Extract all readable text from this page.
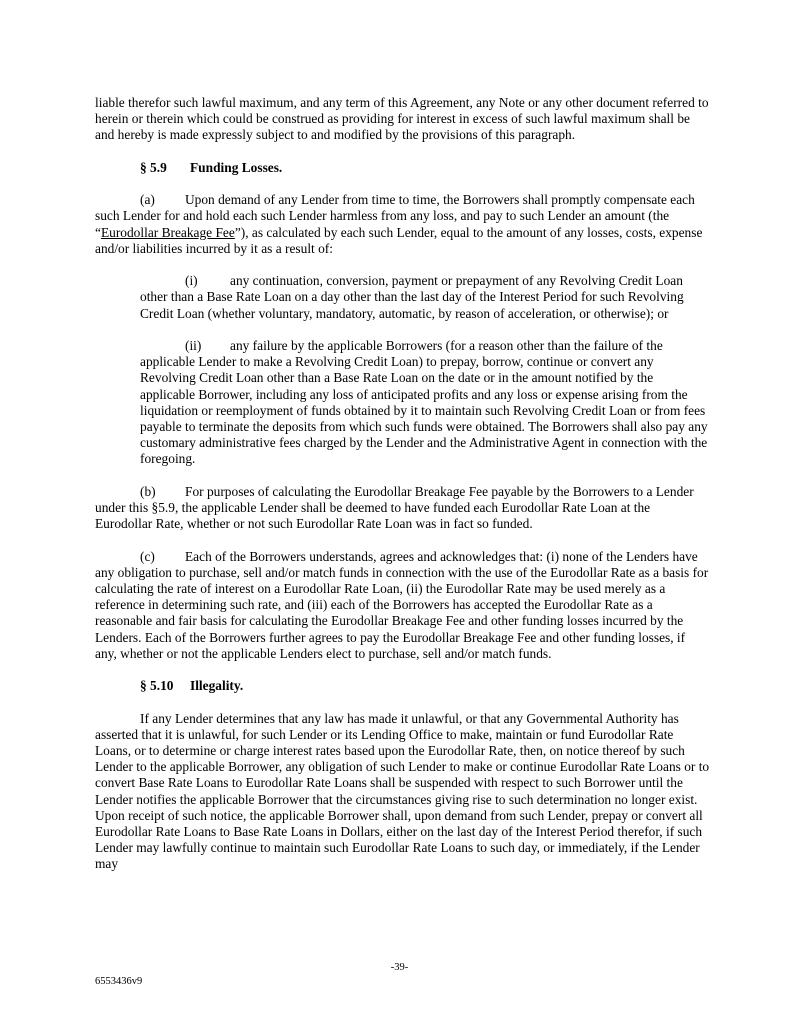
liable therefor such lawful maximum, and any term of this Agreement, any Note or any other document referred to herein or therein which could be construed as providing for interest in excess of such lawful maximum shall be and hereby is made expressly subject to and modified by the provisions of this paragraph.

§ 5.9 Funding Losses.

(a) Upon demand of any Lender from time to time, the Borrowers shall promptly compensate each such Lender for and hold each such Lender harmless from any loss, and pay to such Lender an amount (the “Eurodollar Breakage Fee”), as calculated by each such Lender, equal to the amount of any losses, costs, expense and/or liabilities incurred by it as a result of:

(i) any continuation, conversion, payment or prepayment of any Revolving Credit Loan other than a Base Rate Loan on a day other than the last day of the Interest Period for such Revolving Credit Loan (whether voluntary, mandatory, automatic, by reason of acceleration, or otherwise); or

(ii) any failure by the applicable Borrowers (for a reason other than the failure of the applicable Lender to make a Revolving Credit Loan) to prepay, borrow, continue or convert any Revolving Credit Loan other than a Base Rate Loan on the date or in the amount notified by the applicable Borrower, including any loss of anticipated profits and any loss or expense arising from the liquidation or reemployment of funds obtained by it to maintain such Revolving Credit Loan or from fees payable to terminate the deposits from which such funds were obtained. The Borrowers shall also pay any customary administrative fees charged by the Lender and the Administrative Agent in connection with the foregoing.

(b) For purposes of calculating the Eurodollar Breakage Fee payable by the Borrowers to a Lender under this §5.9, the applicable Lender shall be deemed to have funded each Eurodollar Rate Loan at the Eurodollar Rate, whether or not such Eurodollar Rate Loan was in fact so funded.

(c) Each of the Borrowers understands, agrees and acknowledges that: (i) none of the Lenders have any obligation to purchase, sell and/or match funds in connection with the use of the Eurodollar Rate as a basis for calculating the rate of interest on a Eurodollar Rate Loan, (ii) the Eurodollar Rate may be used merely as a reference in determining such rate, and (iii) each of the Borrowers has accepted the Eurodollar Rate as a reasonable and fair basis for calculating the Eurodollar Breakage Fee and other funding losses incurred by the Lenders. Each of the Borrowers further agrees to pay the Eurodollar Breakage Fee and other funding losses, if any, whether or not the applicable Lenders elect to purchase, sell and/or match funds.

§ 5.10 Illegality.

If any Lender determines that any law has made it unlawful, or that any Governmental Authority has asserted that it is unlawful, for such Lender or its Lending Office to make, maintain or fund Eurodollar Rate Loans, or to determine or charge interest rates based upon the Eurodollar Rate, then, on notice thereof by such Lender to the applicable Borrower, any obligation of such Lender to make or continue Eurodollar Rate Loans or to convert Base Rate Loans to Eurodollar Rate Loans shall be suspended with respect to such Borrower until the Lender notifies the applicable Borrower that the circumstances giving rise to such determination no longer exist. Upon receipt of such notice, the applicable Borrower shall, upon demand from such Lender, prepay or convert all Eurodollar Rate Loans to Base Rate Loans in Dollars, either on the last day of the Interest Period therefor, if such Lender may lawfully continue to maintain such Eurodollar Rate Loans to such day, or immediately, if the Lender may

-39-
6553436v9
